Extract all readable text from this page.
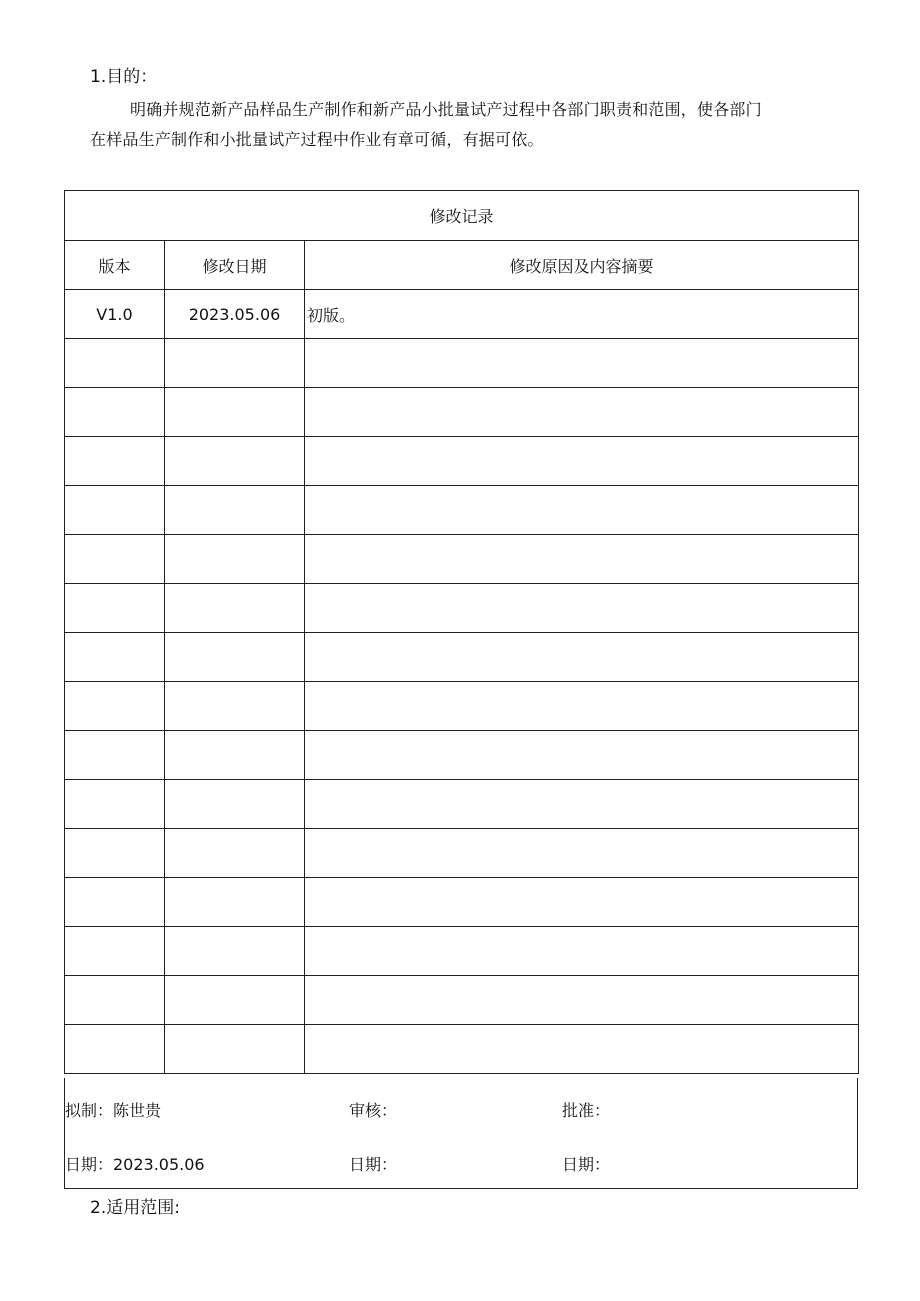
1.目的：

明确并规范新产品样品生产制作和新产品小批量试产过程中各部门职责和范围，使各部门
在样品生产制作和小批量试产过程中作业有章可循，有据可依。

修改记录		
版本	修改日期	修改原因及内容摘要
V1.0	2023.05.06	初版。

拟制：陈世贵	审核：	批准：
日期：2023.05.06	日期：	日期：

2.适用范围:
